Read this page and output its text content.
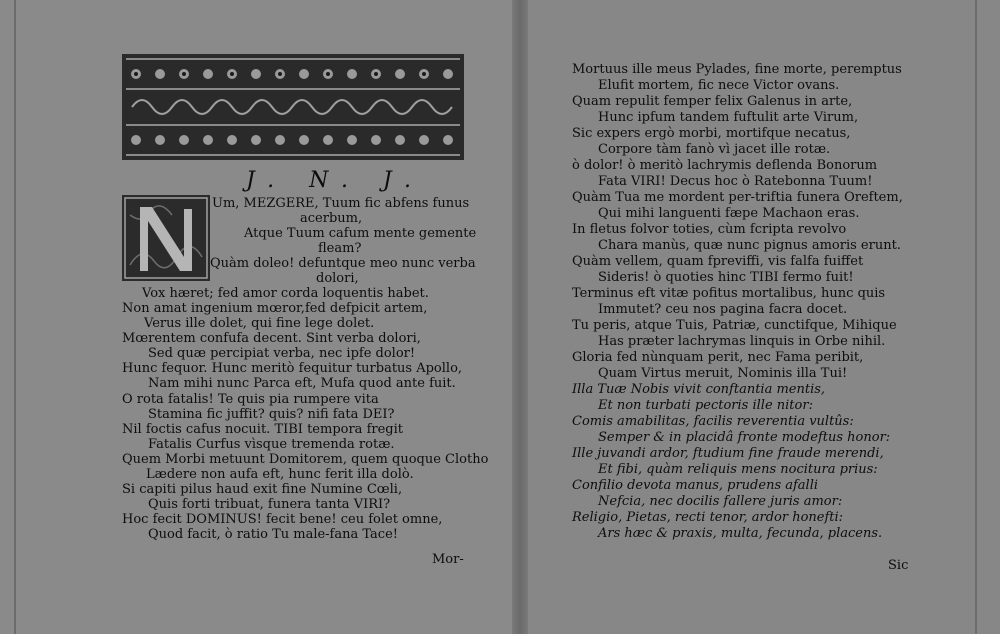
J. N. J.
Um, MEZGERE, Tuum fic abfens funus
acerbum,
Atque Tuum cafum mente gemente
fleam?
Quàm doleo! defuntque meo nunc verba
dolori,
Vox hæret; fed amor corda loquentis habet.
Non amat ingenium mœror,fed defpicit artem,
Verus ille dolet, qui fine lege dolet.
Mœrentem confufa decent. Sint verba dolori,
Sed quæ percipiat verba, nec ipfe dolor!
Hunc fequor. Hunc meritò fequitur turbatus Apollo,
Nam mihi nunc Parca eft, Mufa quod ante fuit.
O rota fatalis! Te quis pia rumpere vita
Stamina fic juffit? quis? nifi fata DEI?
Nil foctis cafus nocuit. TIBI tempora fregit
Fatalis Curfus vìsque tremenda rotæ.
Quem Morbi metuunt Domitorem, quem quoque Clotho
Lædere non aufa eft, hunc ferit illa dolò.
Si capiti pilus haud exit fine Numine Cœli,
Quis forti tribuat, funera tanta VIRI?
Hoc fecit DOMINUS! fecit bene! ceu folet omne,
Quod facit, ò ratio Tu male-fana Tace!
Mor-
Mortuus ille meus Pylades, fine morte, peremptus
Elufit mortem, fic nece Victor ovans.
Quam repulit femper felix Galenus in arte,
Hunc ipfum tandem fuftulit arte Virum,
Sic expers ergò morbi, mortifque necatus,
Corpore tàm fanò vì jacet ille rotæ.
ò dolor! ò meritò lachrymis deflenda Bonorum
Fata VIRI! Decus hoc ò Ratebonna Tuum!
Quàm Tua me mordent per-triftia funera Oreftem,
Qui mihi languenti fæpe Machaon eras.
In fletus folvor toties, cùm fcripta revolvo
Chara manùs, quæ nunc pignus amoris erunt.
Quàm vellem, quam fpreviffi, vis falfa fuiffet
Sideris! ò quoties hinc TIBI fermo fuit!
Terminus eft vitæ pofitus mortalibus, hunc quis
Immutet? ceu nos pagina facra docet.
Tu peris, atque Tuis, Patriæ, cunctifque, Mihique
Has præter lachrymas linquis in Orbe nihil.
Gloria fed nùnquam perit, nec Fama peribit,
Quam Virtus meruit, Nominis illa Tui!
Illa Tuæ Nobis vivit conftantia mentis,
Et non turbati pectoris ille nitor:
Comis amabilitas, facilis reverentia vultûs:
Semper & in placidâ fronte modeftus honor:
Ille juvandi ardor, ftudium fine fraude merendi,
Et fibi, quàm reliquis mens nocitura prius:
Confilio devota manus, prudens afalli
Nefcia, nec docilis fallere juris amor:
Religio, Pietas, recti tenor, ardor honefti:
Ars hæc & praxis, multa, fecunda, placens.
Sic
